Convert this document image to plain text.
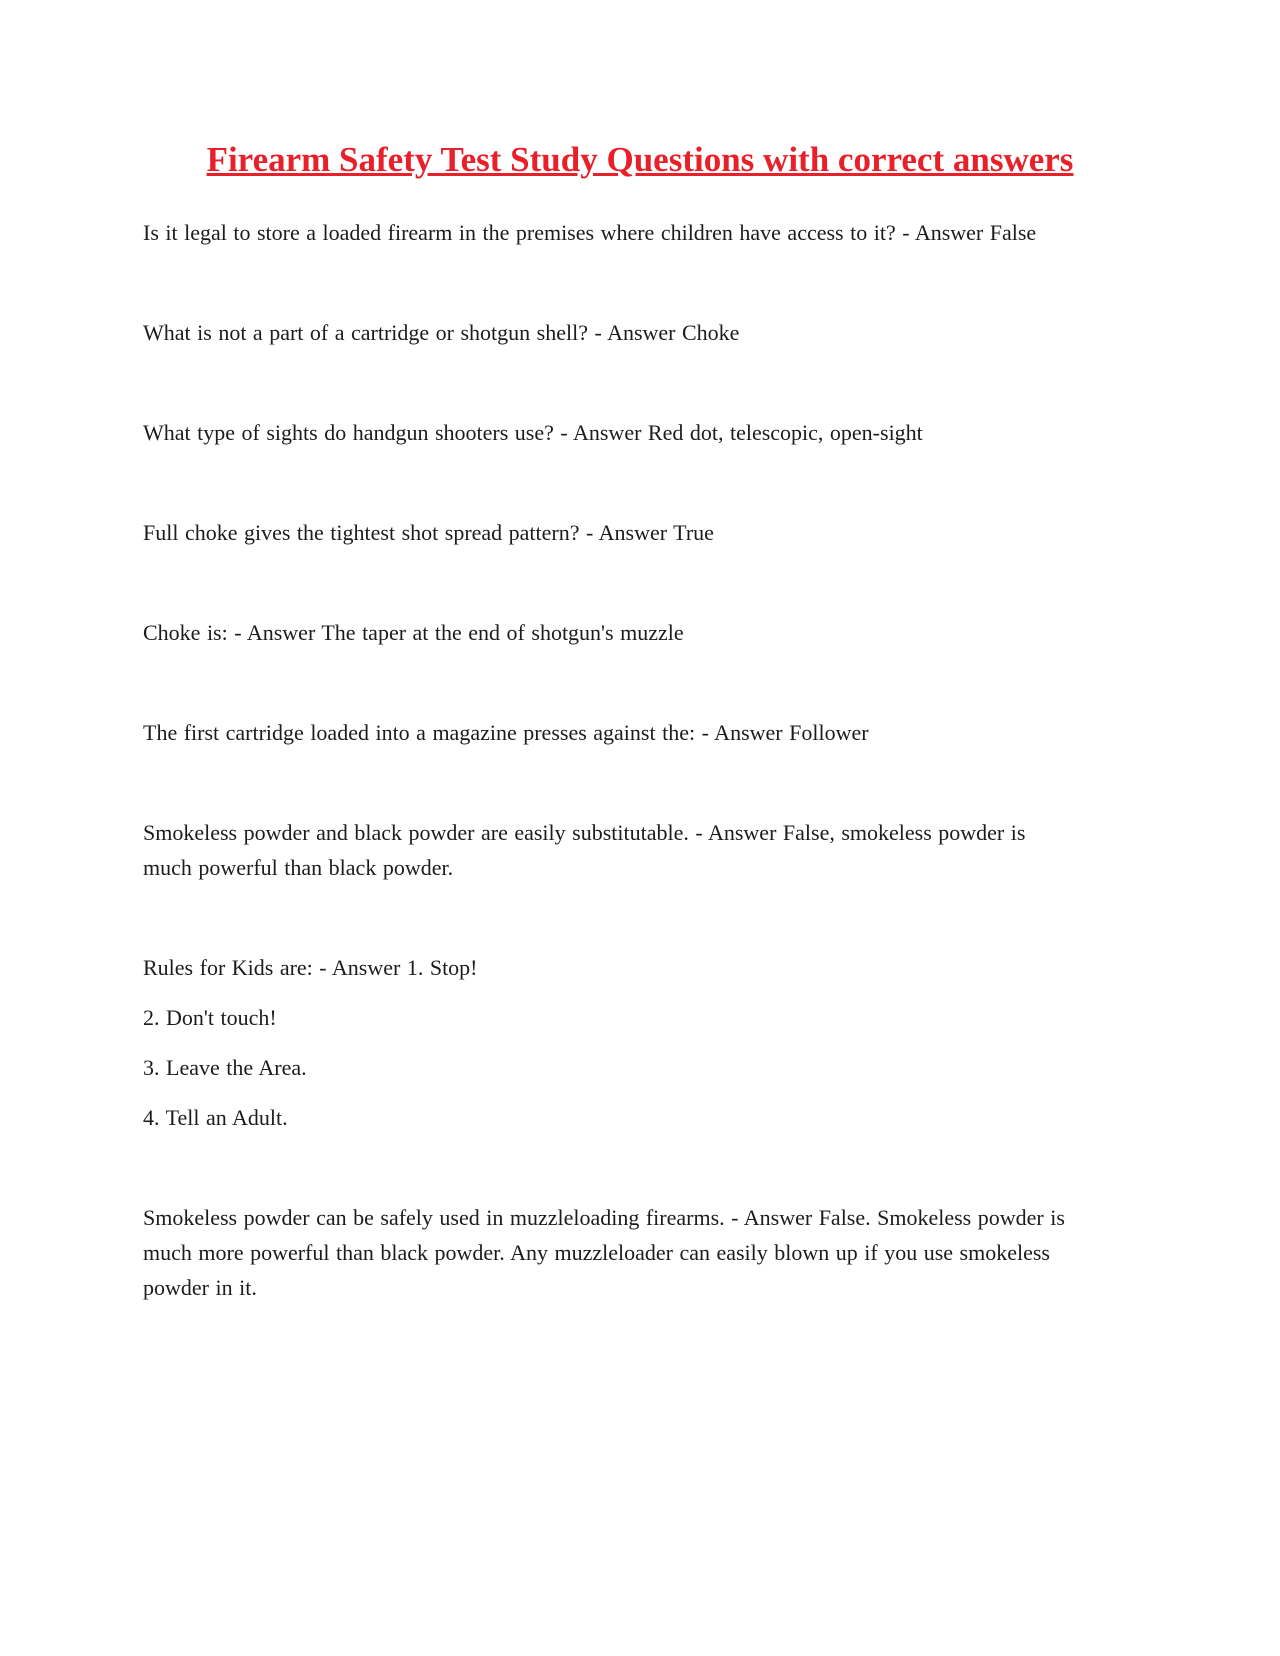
Firearm Safety Test Study Questions with correct answers

Is it legal to store a loaded firearm in the premises where children have access to it? - Answer False

What is not a part of a cartridge or shotgun shell? - Answer Choke

What type of sights do handgun shooters use? - Answer Red dot, telescopic, open-sight

Full choke gives the tightest shot spread pattern? - Answer True

Choke is: - Answer The taper at the end of shotgun's muzzle

The first cartridge loaded into a magazine presses against the: - Answer Follower

Smokeless powder and black powder are easily substitutable. - Answer False, smokeless powder is much powerful than black powder.

Rules for Kids are: - Answer 1. Stop!

2. Don't touch!

3. Leave the Area.

4. Tell an Adult.

Smokeless powder can be safely used in muzzleloading firearms. - Answer False. Smokeless powder is much more powerful than black powder. Any muzzleloader can easily blown up if you use smokeless powder in it.
